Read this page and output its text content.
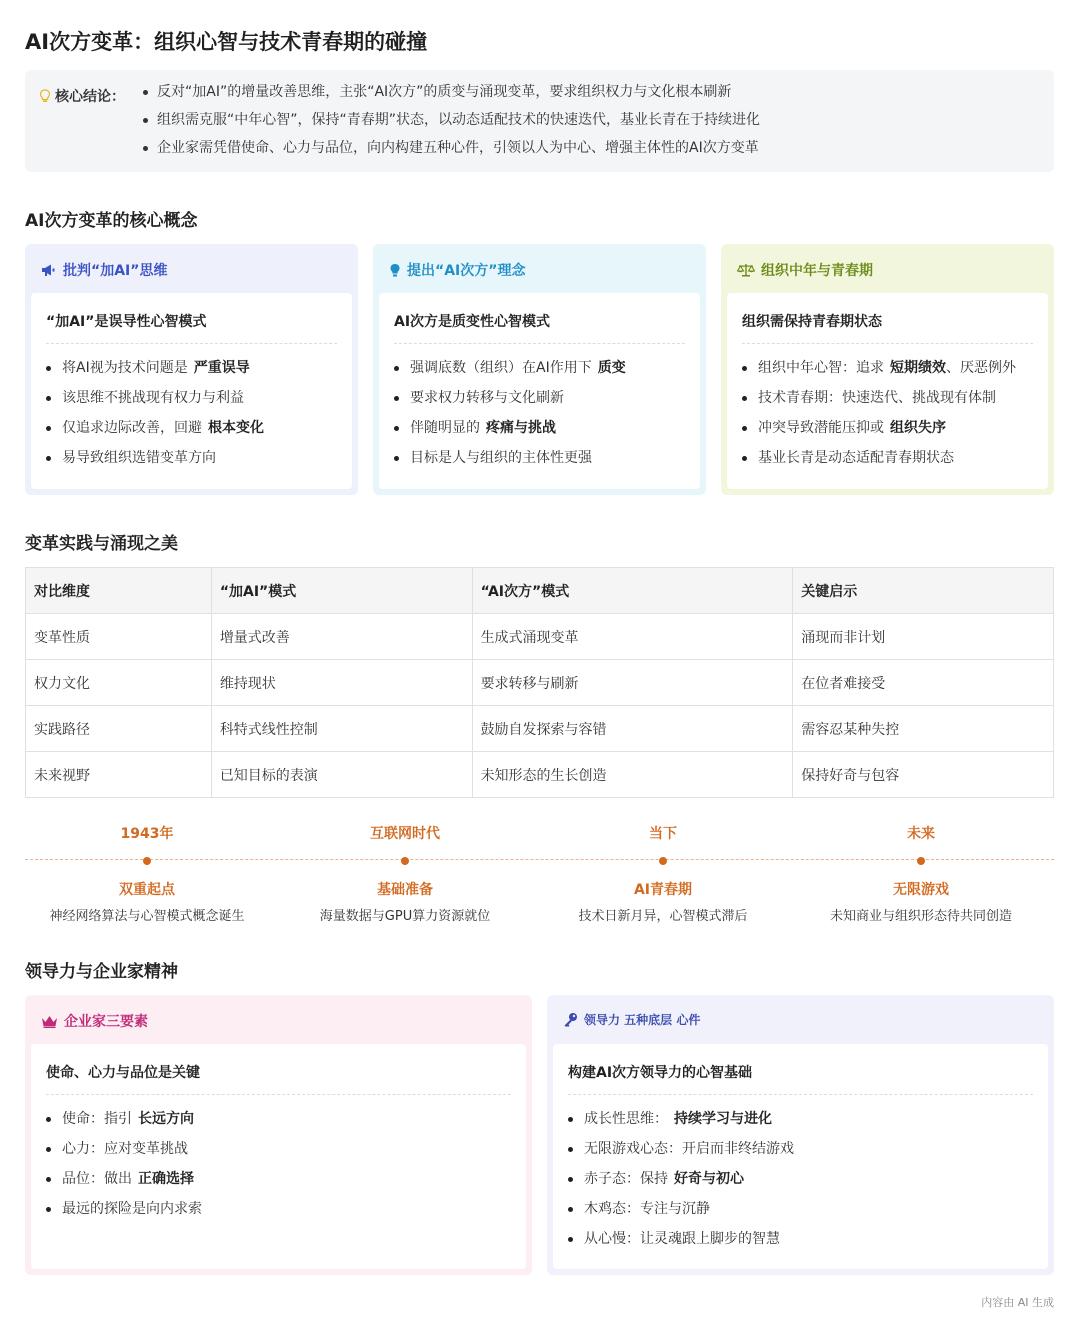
AI次方变革：组织心智与技术青春期的碰撞
核心结论：	反对“加AI”的增量改善思维，主张“AI次方”的质变与涌现变革，要求组织权力与文化根本刷新
组织需克服“中年心智”，保持“青春期”状态，以动态适配技术的快速迭代，基业长青在于持续进化
企业家需凭借使命、心力与品位，向内构建五种心件，引领以人为中心、增强主体性的AI次方变革
AI次方变革的核心概念
批判“加AI”思维
“加AI”是误导性心智模式
将AI视为技术问题是 严重误导
该思维不挑战现有权力与利益
仅追求边际改善，回避 根本变化
易导致组织选错变革方向
提出“AI次方”理念
AI次方是质变性心智模式
强调底数（组织）在AI作用下 质变
要求权力转移与文化刷新
伴随明显的 疼痛与挑战
目标是人与组织的主体性更强
组织中年与青春期
组织需保持青春期状态
组织中年心智：追求 短期绩效、厌恶例外
技术青春期：快速迭代、挑战现有体制
冲突导致潜能压抑或 组织失序
基业长青是动态适配青春期状态
变革实践与涌现之美
对比维度	“加AI”模式	“AI次方”模式	关键启示
变革性质	增量式改善	生成式涌现变革	涌现而非计划
权力文化	维持现状	要求转移与刷新	在位者难接受
实践路径	科特式线性控制	鼓励自发探索与容错	需容忍某种失控
未来视野	已知目标的表演	未知形态的生长创造	保持好奇与包容
1943年
双重起点
神经网络算法与心智模式概念诞生
互联网时代
基础准备
海量数据与GPU算力资源就位
当下
AI青春期
技术日新月异，心智模式滞后
未来
无限游戏
未知商业与组织形态待共同创造
领导力与企业家精神
企业家三要素
使命、心力与品位是关键
使命：指引 长远方向
心力：应对变革挑战
品位：做出 正确选择
最远的探险是向内求索
领导力 五种底层 心件
构建AI次方领导力的心智基础
成长性思维： 持续学习与进化
无限游戏心态：开启而非终结游戏
赤子态：保持 好奇与初心
木鸡态：专注与沉静
从心慢：让灵魂跟上脚步的智慧
内容由 AI 生成
